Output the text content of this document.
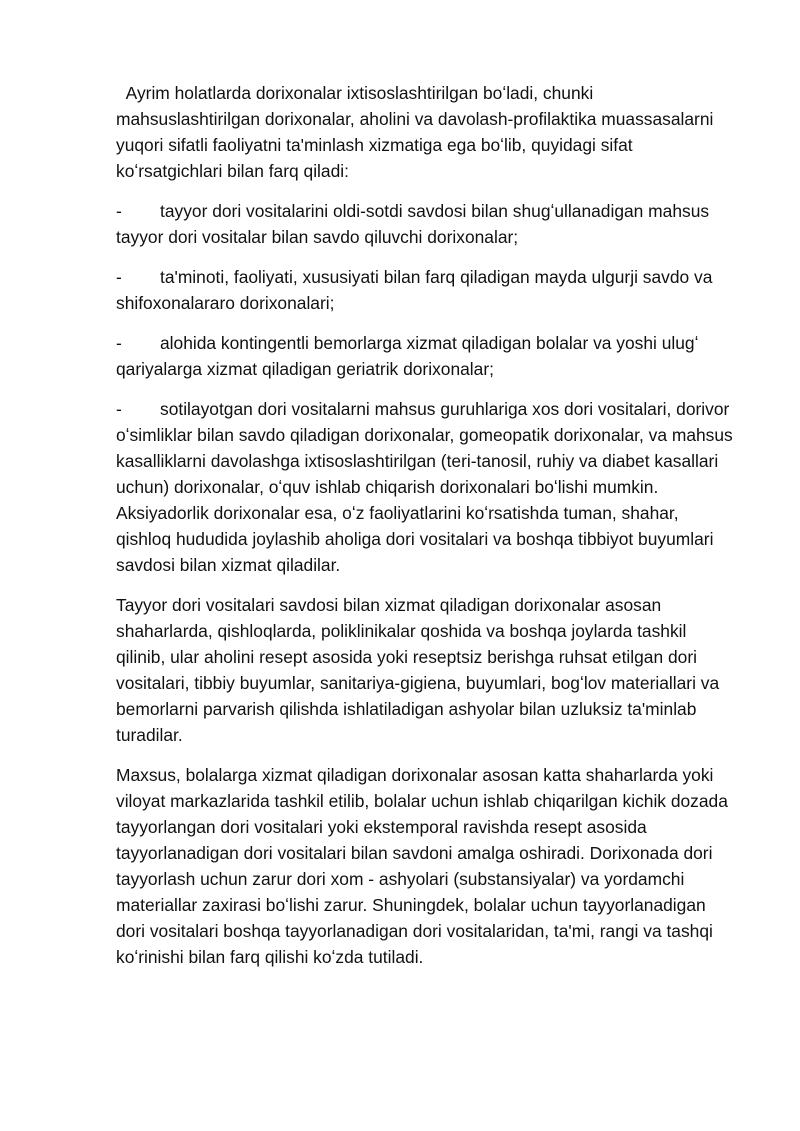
Ayrim holatlarda dorixonalar ixtisoslashtirilgan boʻladi, chunki mahsuslashtirilgan dorixonalar, aholini va davolash-profilaktika muassasalarni yuqori sifatli faoliyatni ta'minlash xizmatiga ega boʻlib, quyidagi sifat koʻrsatgichlari bilan farq qiladi:

-	tayyor dori vositalarini oldi-sotdi savdosi bilan shugʻullanadigan mahsus tayyor dori vositalar bilan savdo qiluvchi dorixonalar;

-	ta'minoti, faoliyati, xususiyati bilan farq qiladigan mayda ulgurji savdo va shifoxonalararo dorixonalari;

-	alohida kontingentli bemorlarga xizmat qiladigan bolalar va yoshi ulugʻ qariyalarga xizmat qiladigan geriatrik dorixonalar;

-	sotilayotgan dori vositalarni mahsus guruhlariga xos dori vositalari, dorivor oʻsimliklar bilan savdo qiladigan dorixonalar, gomeopatik dorixonalar, va mahsus kasalliklarni davolashga ixtisoslashtirilgan (teri-tanosil, ruhiy va diabet kasallari uchun) dorixonalar, oʻquv ishlab chiqarish dorixonalari boʻlishi mumkin. Aksiyadorlik dorixonalar esa, oʻz faoliyatlarini koʻrsatishda tuman, shahar, qishloq hududida joylashib aholiga dori vositalari va boshqa tibbiyot buyumlari savdosi bilan xizmat qiladilar.

Tayyor dori vositalari savdosi bilan xizmat qiladigan dorixonalar asosan shaharlarda, qishloqlarda, poliklinikalar qoshida va boshqa joylarda tashkil qilinib, ular aholini resept asosida yoki reseptsiz berishga ruhsat etilgan dori vositalari, tibbiy buyumlar, sanitariya-gigiena, buyumlari, bogʻlov materiallari va bemorlarni parvarish qilishda ishlatiladigan ashyolar bilan uzluksiz ta'minlab turadilar.

Maxsus, bolalarga xizmat qiladigan dorixonalar asosan katta shaharlarda yoki viloyat markazlarida tashkil etilib, bolalar uchun ishlab chiqarilgan kichik dozada tayyorlangan dori vositalari yoki ekstemporal ravishda resept asosida tayyorlanadigan dori vositalari bilan savdoni amalga oshiradi. Dorixonada dori tayyorlash uchun zarur dori xom - ashyolari (substansiyalar) va yordamchi materiallar zaxirasi boʻlishi zarur. Shuningdek, bolalar uchun tayyorlanadigan dori vositalari boshqa tayyorlanadigan dori vositalaridan, ta'mi, rangi va tashqi koʻrinishi bilan farq qilishi koʻzda tutiladi.
